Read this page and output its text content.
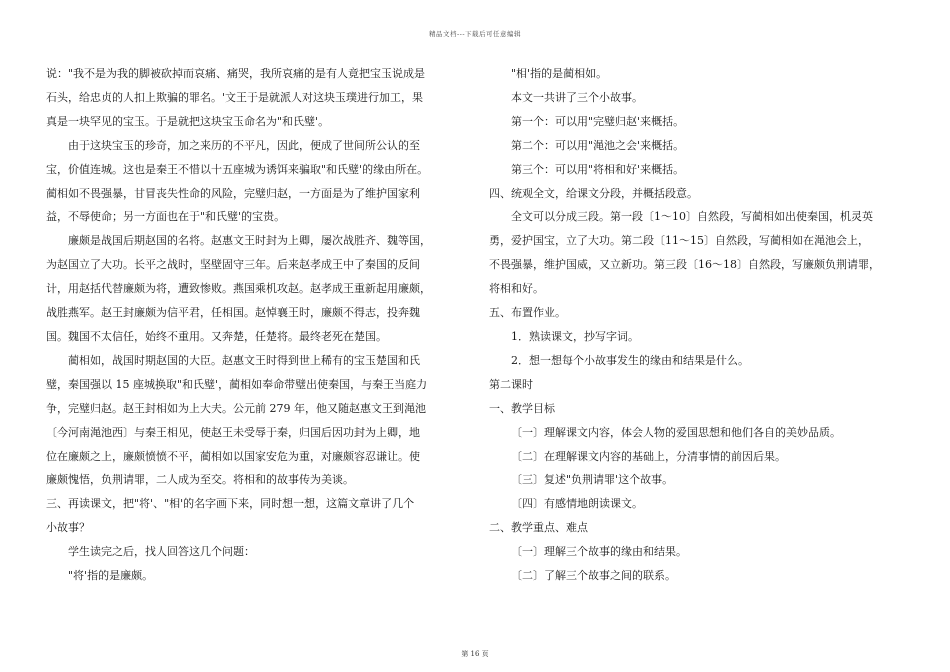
精品文档---下载后可任意编辑

说："我不是为我的脚被砍掉而哀痛、痛哭，我所哀痛的是有人竟把宝玉说成是

石头，给忠贞的人扣上欺骗的罪名。'文王于是就派人对这块玉璞进行加工，果

真是一块罕见的宝玉。于是就把这块宝玉命名为"和氏璧'。

由于这块宝玉的珍奇，加之来历的不平凡，因此，便成了世间所公认的至

宝，价值连城。这也是秦王不惜以十五座城为诱饵来骗取"和氏璧'的缘由所在。

蔺相如不畏强暴，甘冒丧失性命的风险，完璧归赵，一方面是为了维护国家利

益，不辱使命；另一方面也在于"和氏璧'的宝贵。

廉颇是战国后期赵国的名将。赵惠文王时封为上卿，屡次战胜齐、魏等国，

为赵国立了大功。长平之战时，坚壁固守三年。后来赵孝成王中了秦国的反间

计，用赵括代替廉颇为将，遭致惨败。燕国乘机攻赵。赵孝成王重新起用廉颇，

战胜燕军。赵王封廉颇为信平君，任相国。赵悼襄王时，廉颇不得志，投奔魏

国。魏国不太信任，始终不重用。又奔楚，任楚将。最终老死在楚国。

蔺相如，战国时期赵国的大臣。赵惠文王时得到世上稀有的宝玉楚国和氏

璧，秦国强以 15 座城换取"和氏璧'，蔺相如奉命带璧出使秦国，与秦王当庭力

争，完璧归赵。赵王封相如为上大夫。公元前 279 年，他又随赵惠文王到渑池

〔今河南渑池西〕与秦王相见，使赵王未受辱于秦，归国后因功封为上卿，地

位在廉颇之上，廉颇愤愤不平，蔺相如以国家安危为重，对廉颇容忍谦让。使

廉颇愧悟，负荆请罪，二人成为至交。将相和的故事传为美谈。

三、再读课文，把"将'、"相'的名字画下来，同时想一想，这篇文章讲了几个

小故事？

学生读完之后，找人回答这几个问题：

"将'指的是廉颇。

"相'指的是蔺相如。

本文一共讲了三个小故事。

第一个：可以用"完璧归赵'来概括。

第二个：可以用"渑池之会'来概括。

第三个：可以用"将相和好'来概括。

四、统观全文，给课文分段，并概括段意。

全文可以分成三段。第一段〔1～10〕自然段，写蔺相如出使秦国，机灵英

勇，爱护国宝，立了大功。第二段〔11～15〕自然段，写蔺相如在渑池会上，

不畏强暴，维护国威，又立新功。第三段〔16～18〕自然段，写廉颇负荆请罪，

将相和好。

五、布置作业。

1．熟读课文，抄写字词。

2．想一想每个小故事发生的缘由和结果是什么。

第二课时

一、教学目标

〔一〕理解课文内容，体会人物的爱国思想和他们各自的美妙品质。

〔二〕在理解课文内容的基础上，分清事情的前因后果。

〔三〕复述"负荆请罪'这个故事。

〔四〕有感情地朗读课文。

二、教学重点、难点

〔一〕理解三个故事的缘由和结果。

〔二〕了解三个故事之间的联系。

第 16 页
